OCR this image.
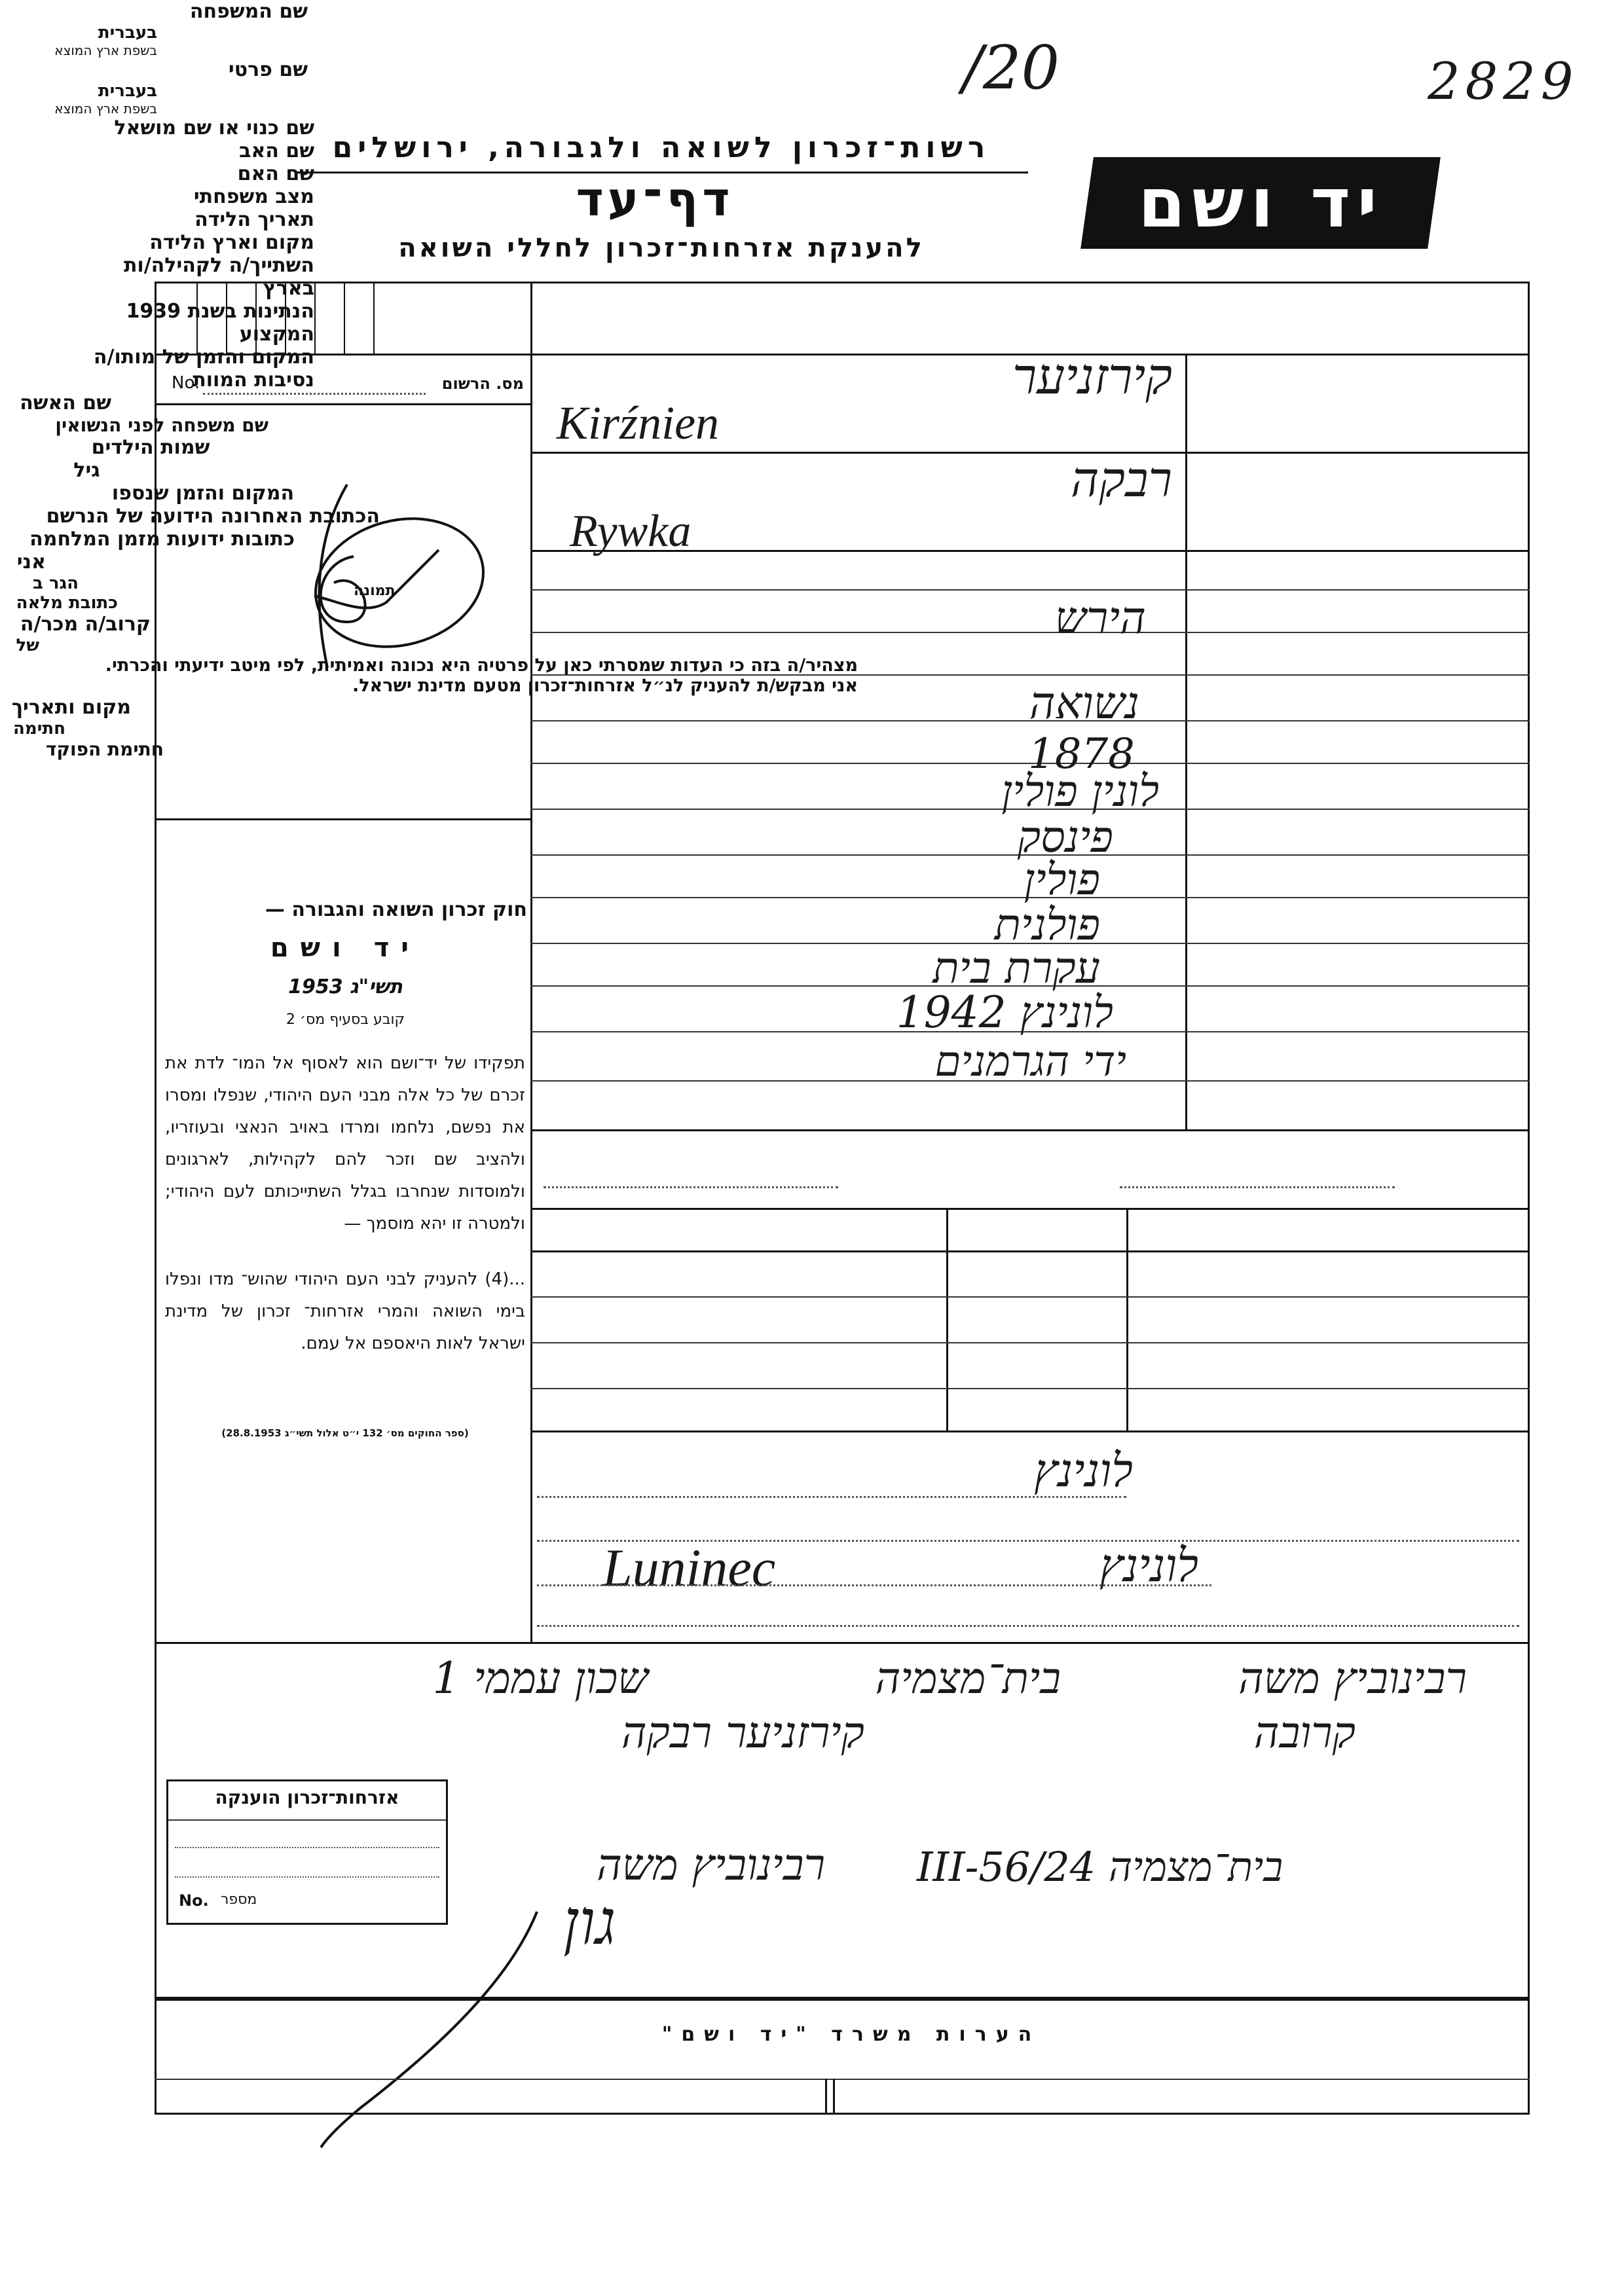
2829
/20
רשות־זכרון לשואה ולגבורה, ירושלים
דף־עד
להענקת אזרחות־זכרון לחללי השואה
יד ושם
No.	מס. הרשום
תמונה
חוק זכרון השואה והגבורה —
יד ושם
תשי"ג 1953
קובע בסעיף מס׳ 2
תפקידו של יד־ושם הוא לאסוף אל המו־ לדת את זכרם של כל אלה מבני העם היהודי, שנפלו ומסרו את נפשם, נלחמו ומרדו באויב הנאצי ובעוזריו, ולהציב שם וזכר להם לקהילות, לארגונים ולמוסדות שנחרבו בגלל השתייכותם לעם היהודי; ולמטרה זו יהא מוסמך —
...(4) להעניק לבני העם היהודי שהוש־ מדו ונפלו בימי השואה והמרי אזרחות־ זכרון של מדינת ישראל לאות היאספם אל עמם.
(ספר החוקים מס׳ 132 י״ט אלול תשי״ג 28.8.1953)
שם המשפחה
בעברית
בשפת ארץ המוצא
קירזניער
Kirźnien
שם פרטי
בעברית
בשפת ארץ המוצא
רבקה
Rywka
שם כנוי או שם מושאל
שם האב
הירש
שם האם
מצב משפחתי
נשואה
תאריך הלידה
1878
מקום וארץ הלידה
לונין פולין
השתייך/ה לקהילה/ות
פינסק
בארץ
פולין
הנתינות בשנת 1939
פולנית
המקצוע
עקרת בית
המקום והזמן של מותו/ה
לונינץ 1942
נסיבות המוות
ידי הגרמנים
שם האשה
שם משפחה לפני הנשואין
שמות הילדים
גיל
המקום והזמן שנספו
הכתובת האחרונה הידועה של הנרשם
לונינץ
כתובות ידועות מזמן המלחמה
לונינץ
Luninec
אני
רבינוביץ משה
הגר ב
בית־מצמיה
כתובת מלאה
שכון עממי 1
קרוב/ה מכר/ה
קרובה
של
קירזניער רבקה
מצהיר/ה בזה כי העדות שמסרתי כאן על פרטיה היא נכונה ואמיתית, לפי מיטב ידיעתי והכרתי.
אני מבקש/ת להעניק לנ״ל אזרחות־זכרון מטעם מדינת ישראל.
מקום ותאריך
בית־מצמיה 24/III-56
חתימה
רבינוביץ משה
חתימת הפוקד
גון
אזרחות־זכרון הוענקה
No. מספר
הערות משרד "יד ושם"
